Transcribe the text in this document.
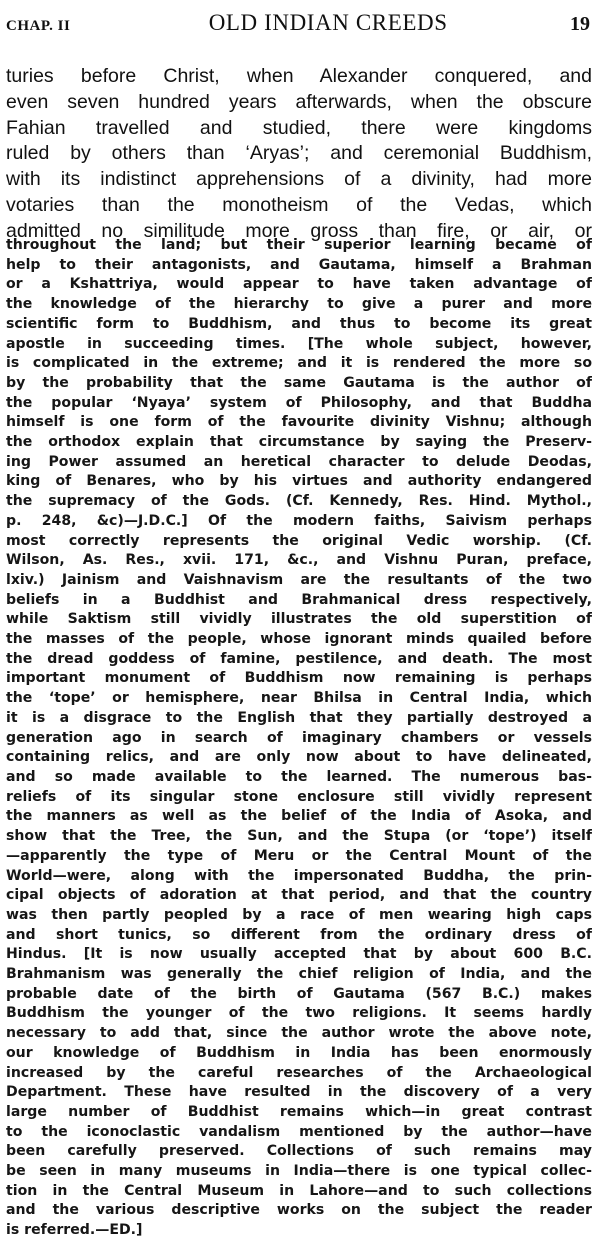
CHAP. II	OLD INDIAN CREEDS	19
turies before Christ, when Alexander conquered, and
even seven hundred years afterwards, when the obscure
Fahian travelled and studied, there were kingdoms
ruled by others than ‘Aryas’; and ceremonial Buddhism,
with its indistinct apprehensions of a divinity, had more
votaries than the monotheism of the Vedas, which
admitted no similitude more gross than fire, or air, or
throughout the land; but their superior learning became of
help to their antagonists, and Gautama, himself a Brahman
or a Kshattriya, would appear to have taken advantage of
the knowledge of the hierarchy to give a purer and more
scientific form to Buddhism, and thus to become its great
apostle in succeeding times. [The whole subject, however,
is complicated in the extreme; and it is rendered the more so
by the probability that the same Gautama is the author of
the popular ‘Nyaya’ system of Philosophy, and that Buddha
himself is one form of the favourite divinity Vishnu; although
the orthodox explain that circumstance by saying the Preserv-
ing Power assumed an heretical character to delude Deodas,
king of Benares, who by his virtues and authority endangered
the supremacy of the Gods. (Cf. Kennedy, Res. Hind. Mythol.,
p. 248, &c)—J.D.C.] Of the modern faiths, Saivism perhaps
most correctly represents the original Vedic worship. (Cf.
Wilson, As. Res., xvii. 171, &c., and Vishnu Puran, preface,
lxiv.) Jainism and Vaishnavism are the resultants of the two
beliefs in a Buddhist and Brahmanical dress respectively,
while Saktism still vividly illustrates the old superstition of
the masses of the people, whose ignorant minds quailed before
the dread goddess of famine, pestilence, and death. The most
important monument of Buddhism now remaining is perhaps
the ‘tope’ or hemisphere, near Bhilsa in Central India, which
it is a disgrace to the English that they partially destroyed a
generation ago in search of imaginary chambers or vessels
containing relics, and are only now about to have delineated,
and so made available to the learned. The numerous bas-
reliefs of its singular stone enclosure still vividly represent
the manners as well as the belief of the India of Asoka, and
show that the Tree, the Sun, and the Stupa (or ‘tope’) itself
—apparently the type of Meru or the Central Mount of the
World—were, along with the impersonated Buddha, the prin-
cipal objects of adoration at that period, and that the country
was then partly peopled by a race of men wearing high caps
and short tunics, so different from the ordinary dress of
Hindus. [It is now usually accepted that by about 600 B.C.
Brahmanism was generally the chief religion of India, and the
probable date of the birth of Gautama (567 B.C.) makes
Buddhism the younger of the two religions. It seems hardly
necessary to add that, since the author wrote the above note,
our knowledge of Buddhism in India has been enormously
increased by the careful researches of the Archaeological
Department. These have resulted in the discovery of a very
large number of Buddhist remains which—in great contrast
to the iconoclastic vandalism mentioned by the author—have
been carefully preserved. Collections of such remains may
be seen in many museums in India—there is one typical collec-
tion in the Central Museum in Lahore—and to such collections
and the various descriptive works on the subject the reader
is referred.—ED.]
